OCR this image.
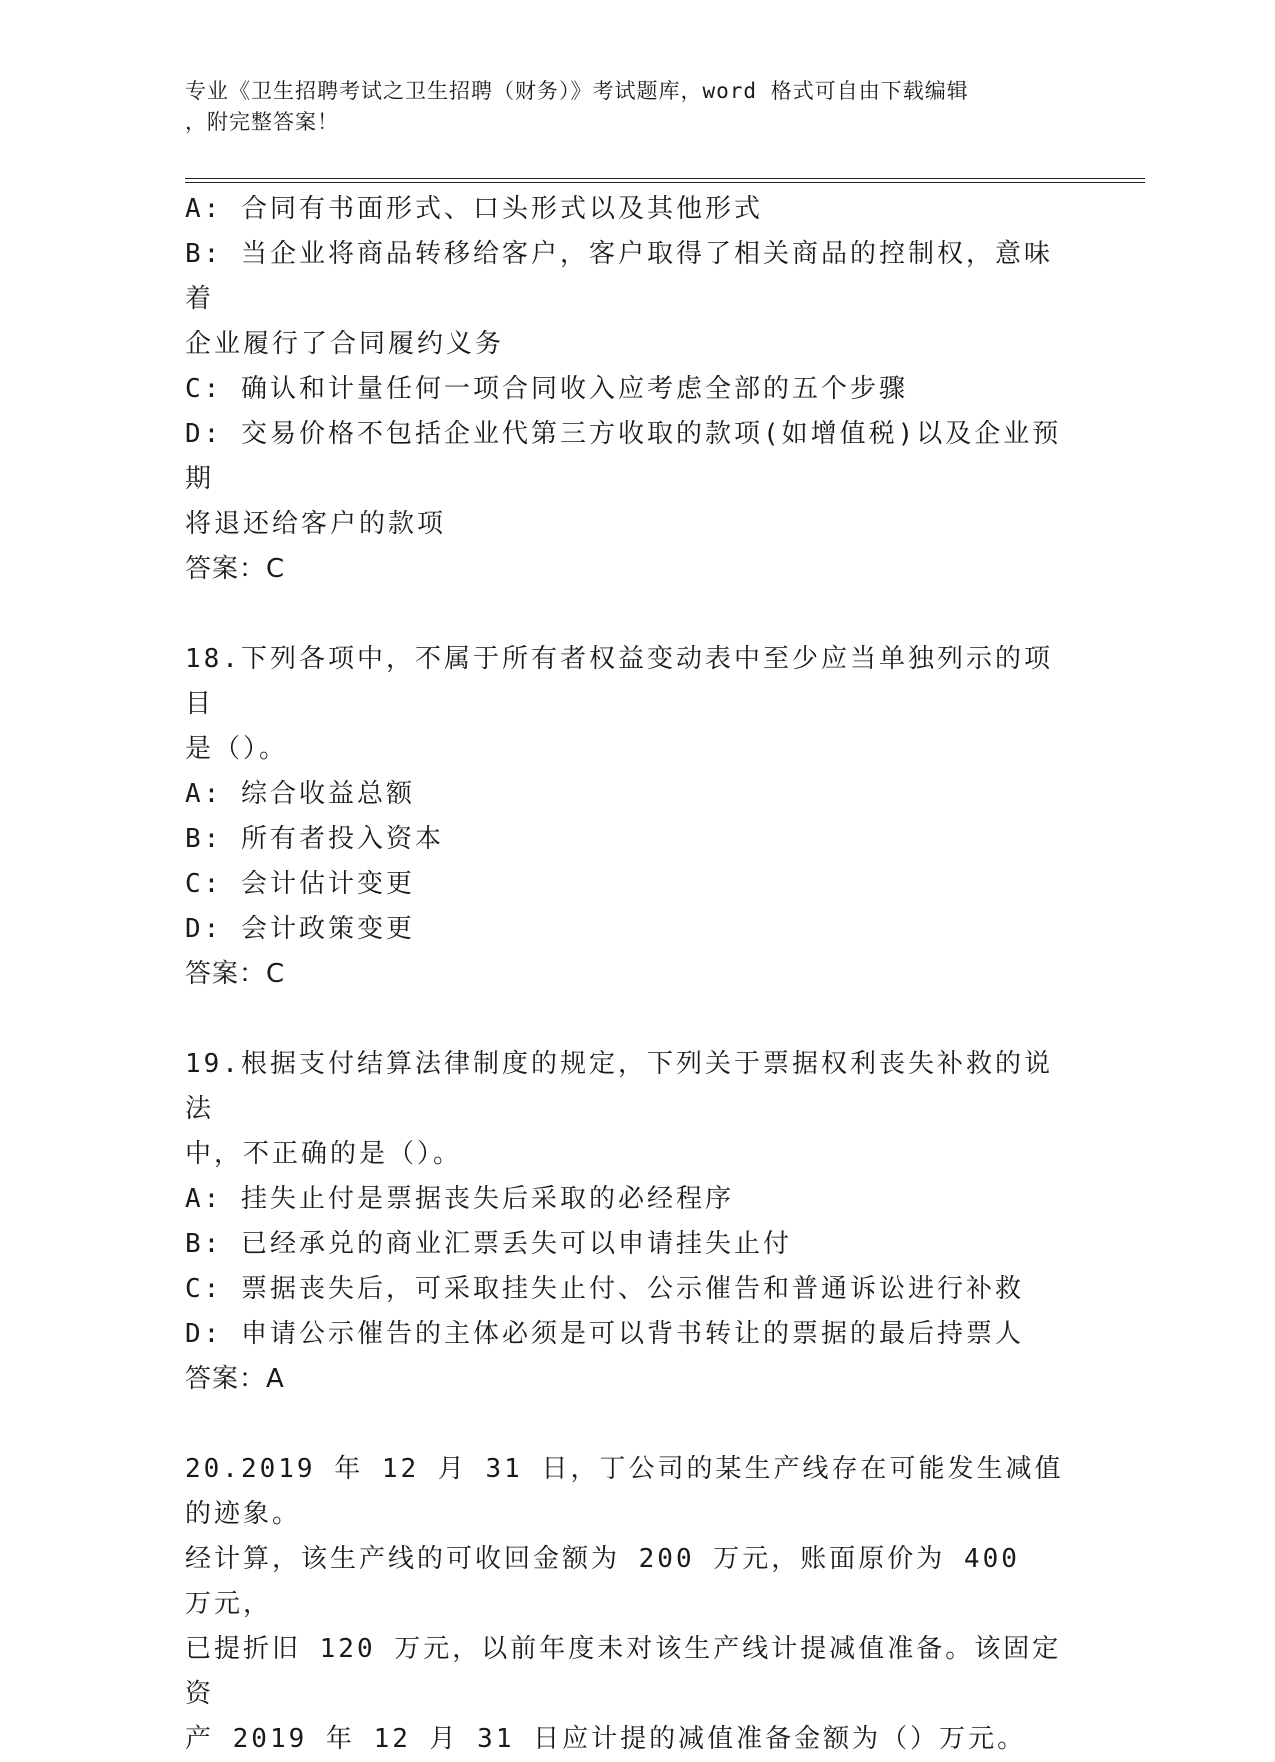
专业《卫生招聘考试之卫生招聘（财务）》考试题库，word 格式可自由下载编辑
，附完整答案！
A: 合同有书面形式、口头形式以及其他形式
B: 当企业将商品转移给客户，客户取得了相关商品的控制权，意味着
企业履行了合同履约义务
C: 确认和计量任何一项合同收入应考虑全部的五个步骤
D: 交易价格不包括企业代第三方收取的款项(如增值税)以及企业预期
将退还给客户的款项
答案：C
18.下列各项中，不属于所有者权益变动表中至少应当单独列示的项目
是（）。
A: 综合收益总额
B: 所有者投入资本
C: 会计估计变更
D: 会计政策变更
答案：C
19.根据支付结算法律制度的规定，下列关于票据权利丧失补救的说法
中，不正确的是（）。
A: 挂失止付是票据丧失后采取的必经程序
B: 已经承兑的商业汇票丢失可以申请挂失止付
C: 票据丧失后，可采取挂失止付、公示催告和普通诉讼进行补救
D: 申请公示催告的主体必须是可以背书转让的票据的最后持票人
答案：A
20.2019 年 12 月 31 日，丁公司的某生产线存在可能发生减值的迹象。
经计算，该生产线的可收回金额为 200 万元，账面原价为 400 万元，
已提折旧 120 万元，以前年度未对该生产线计提减值准备。该固定资
产 2019 年 12 月 31 日应计提的减值准备金额为（）万元。
